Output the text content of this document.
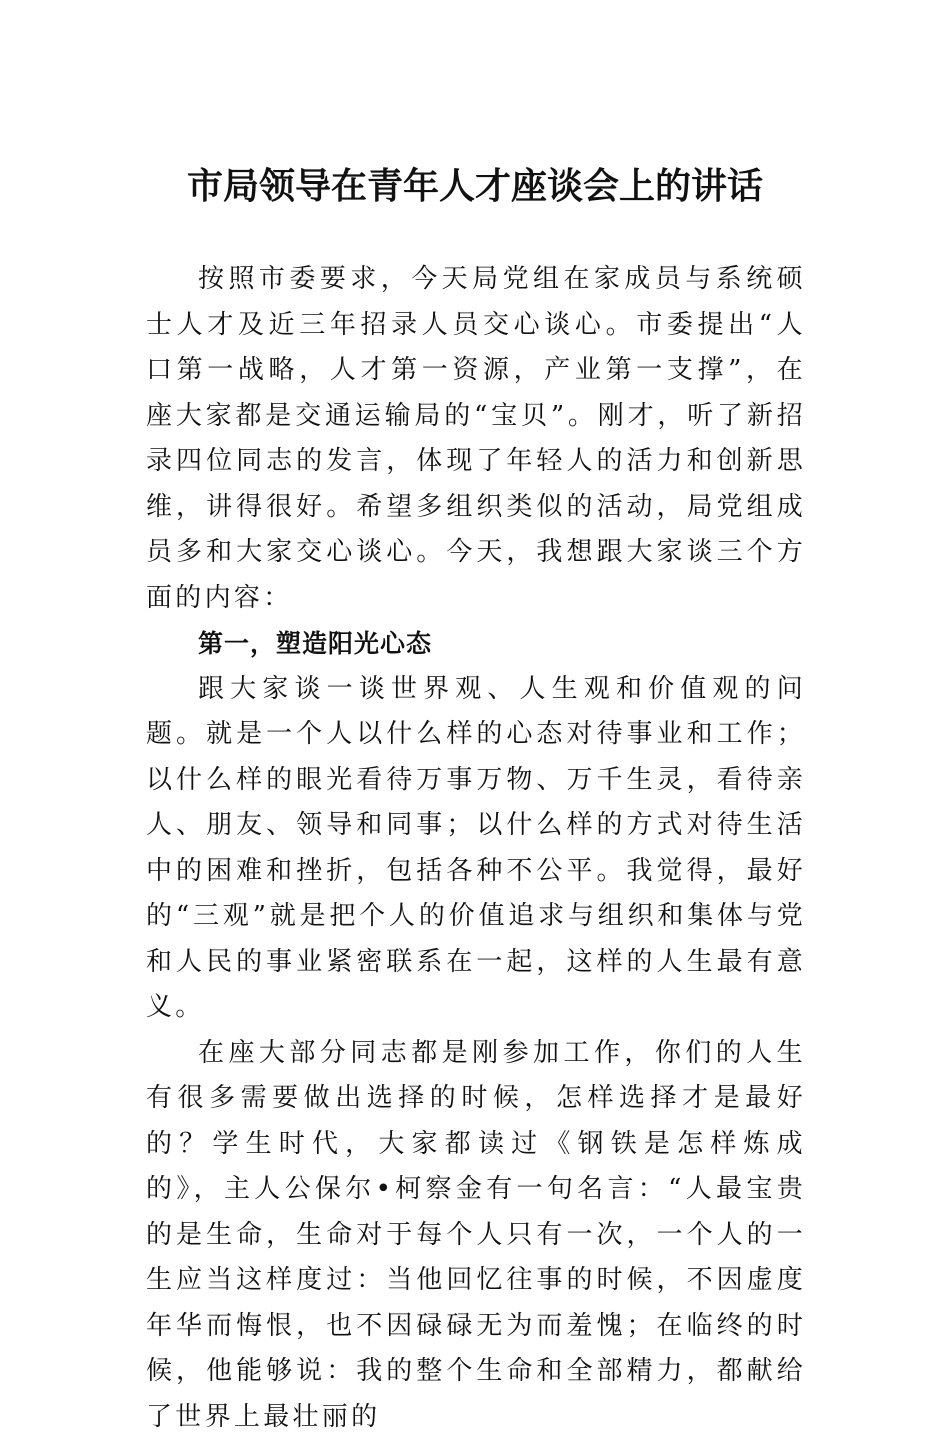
市局领导在青年人才座谈会上的讲话

按照市委要求，今天局党组在家成员与系统硕士人才及近三年招录人员交心谈心。市委提出“人口第一战略，人才第一资源，产业第一支撑”，在座大家都是交通运输局的“宝贝”。刚才，听了新招录四位同志的发言，体现了年轻人的活力和创新思维，讲得很好。希望多组织类似的活动，局党组成员多和大家交心谈心。今天，我想跟大家谈三个方面的内容：

第一，塑造阳光心态

跟大家谈一谈世界观、人生观和价值观的问题。就是一个人以什么样的心态对待事业和工作；以什么样的眼光看待万事万物、万千生灵，看待亲人、朋友、领导和同事；以什么样的方式对待生活中的困难和挫折，包括各种不公平。我觉得，最好的“三观”就是把个人的价值追求与组织和集体与党和人民的事业紧密联系在一起，这样的人生最有意义。

在座大部分同志都是刚参加工作，你们的人生有很多需要做出选择的时候，怎样选择才是最好的？学生时代，大家都读过《钢铁是怎样炼成的》，主人公保尔•柯察金有一句名言：“人最宝贵的是生命，生命对于每个人只有一次，一个人的一生应当这样度过：当他回忆往事的时候，不因虚度年华而悔恨，也不因碌碌无为而羞愧；在临终的时候，他能够说：我的整个生命和全部精力，都献给了世界上最壮丽的
